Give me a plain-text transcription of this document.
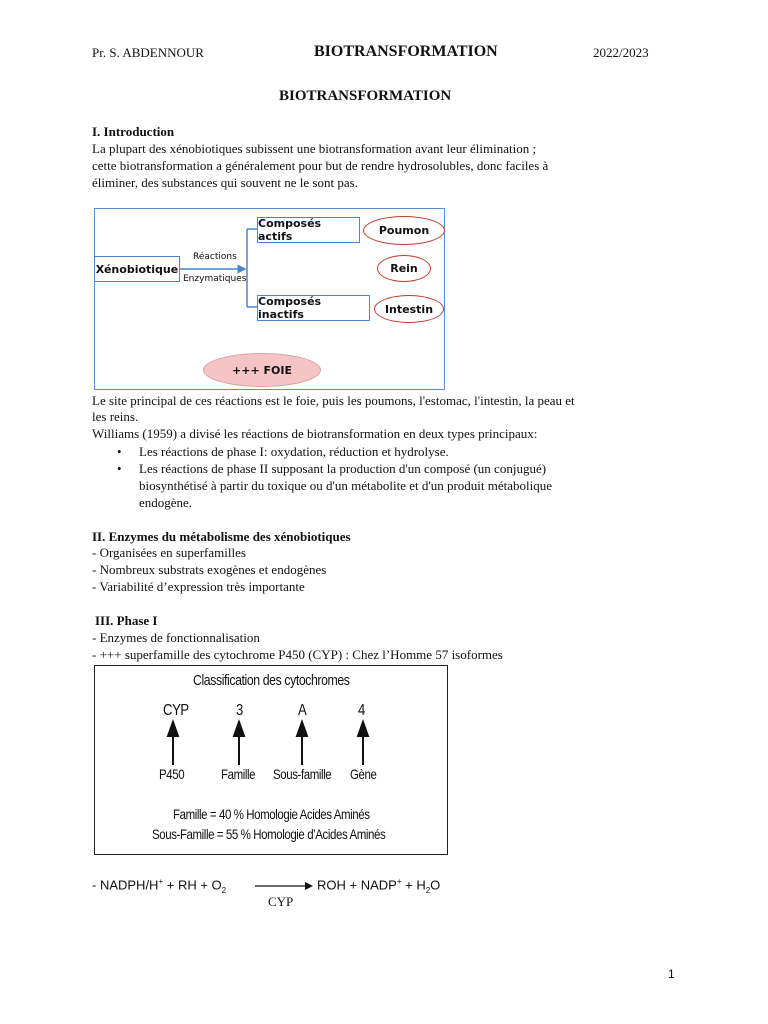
Pr. S. ABDENNOUR	BIOTRANSFORMATION	2022/2023
BIOTRANSFORMATION
I. Introduction
La plupart des xénobiotiques subissent une biotransformation avant leur élimination ;
cette biotransformation a généralement pour but de rendre hydrosolubles, donc faciles à
éliminer, des substances qui souvent ne le sont pas.
Xénobiotique
Réactions
Enzymatiques
Composés actifs
Composés inactifs
Poumon
Rein
Intestin
+++ FOIE
Le site principal de ces réactions est le foie, puis les poumons, l'estomac, l'intestin, la peau et
les reins.
Williams (1959) a divisé les réactions de biotransformation en deux types principaux:
• Les réactions de phase I: oxydation, réduction et hydrolyse.
• Les réactions de phase II supposant la production d'un composé (un conjugué)
biosynthétisé à partir du toxique ou d'un métabolite et d'un produit métabolique
endogène.
II. Enzymes du métabolisme des xénobiotiques
- Organisées en superfamilles
- Nombreux substrats exogènes et endogènes
- Variabilité d’expression très importante
III. Phase I
- Enzymes de fonctionnalisation
- +++ superfamille des cytochrome P450 (CYP) : Chez l’Homme 57 isoformes
Classification des cytochromes
CYP	3	A	4
P450	Famille Sous-famille Gène
Famille = 40 % Homologie Acides Aminés
Sous-Famille = 55 % Homologie d’Acides Aminés
- NADPH/H+ + RH + $O_2$	ROH + NADP+ + $H_2O$
CYP
1
